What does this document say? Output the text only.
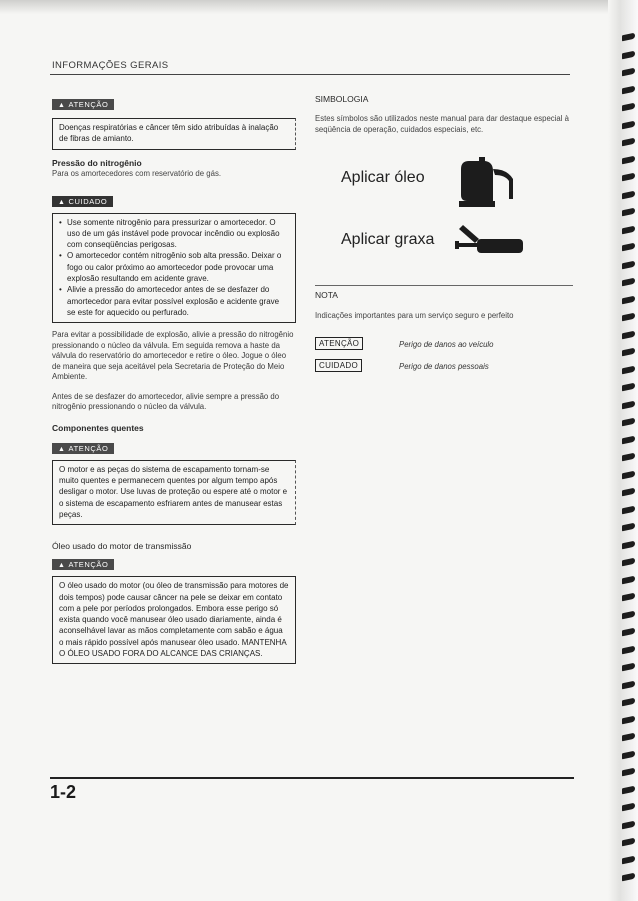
INFORMAÇÕES GERAIS
▲ ATENÇÃO

Doenças respiratórias e câncer têm sido atribuídas à inalação de fibras de amianto.

Pressão do nitrogênio

Para os amortecedores com reservatório de gás.

▲ CUIDADO
• Use somente nitrogênio para pressurizar o amortecedor. O uso de um gás instável pode provocar incêndio ou explosão com conseqüências perigosas.
• O amortecedor contém nitrogênio sob alta pressão. Deixar o fogo ou calor próximo ao amortecedor pode provocar uma explosão resultando em acidente grave.
• Alivie a pressão do amortecedor antes de se desfazer do amortecedor para evitar possível explosão e acidente grave se este for aquecido ou perfurado.

Para evitar a possibilidade de explosão, alivie a pressão do nitrogênio pressionando o núcleo da válvula. Em seguida remova a haste da válvula do reservatório do amortecedor e retire o óleo. Jogue o óleo de maneira que seja aceitável pela Secretaria de Proteção do Meio Ambiente.

Antes de se desfazer do amortecedor, alivie sempre a pressão do nitrogênio pressionando o núcleo da válvula.

Componentes quentes

▲ ATENÇÃO

O motor e as peças do sistema de escapamento tornam-se muito quentes e permanecem quentes por algum tempo após desligar o motor. Use luvas de proteção ou espere até o motor e o sistema de escapamento esfriarem antes de manusear estas peças.

Óleo usado do motor de transmissão

▲ ATENÇÃO

O óleo usado do motor (ou óleo de transmissão para motores de dois tempos) pode causar câncer na pele se deixar em contato com a pele por períodos prolongados. Embora esse perigo só exista quando você manusear óleo usado diariamente, ainda é aconselhável lavar as mãos completamente com sabão e água o mais rápido possível após manusear óleo usado. MANTENHA O ÓLEO USADO FORA DO ALCANCE DAS CRIANÇAS.

SIMBOLOGIA

Estes símbolos são utilizados neste manual para dar destaque especial à seqüência de operação, cuidados especiais, etc.

Aplicar óleo
Aplicar graxa

NOTA

Indicações importantes para um serviço seguro e perfeito

ATENÇÃO	Perigo de danos ao veículo
CUIDADO	Perigo de danos pessoais
1-2
